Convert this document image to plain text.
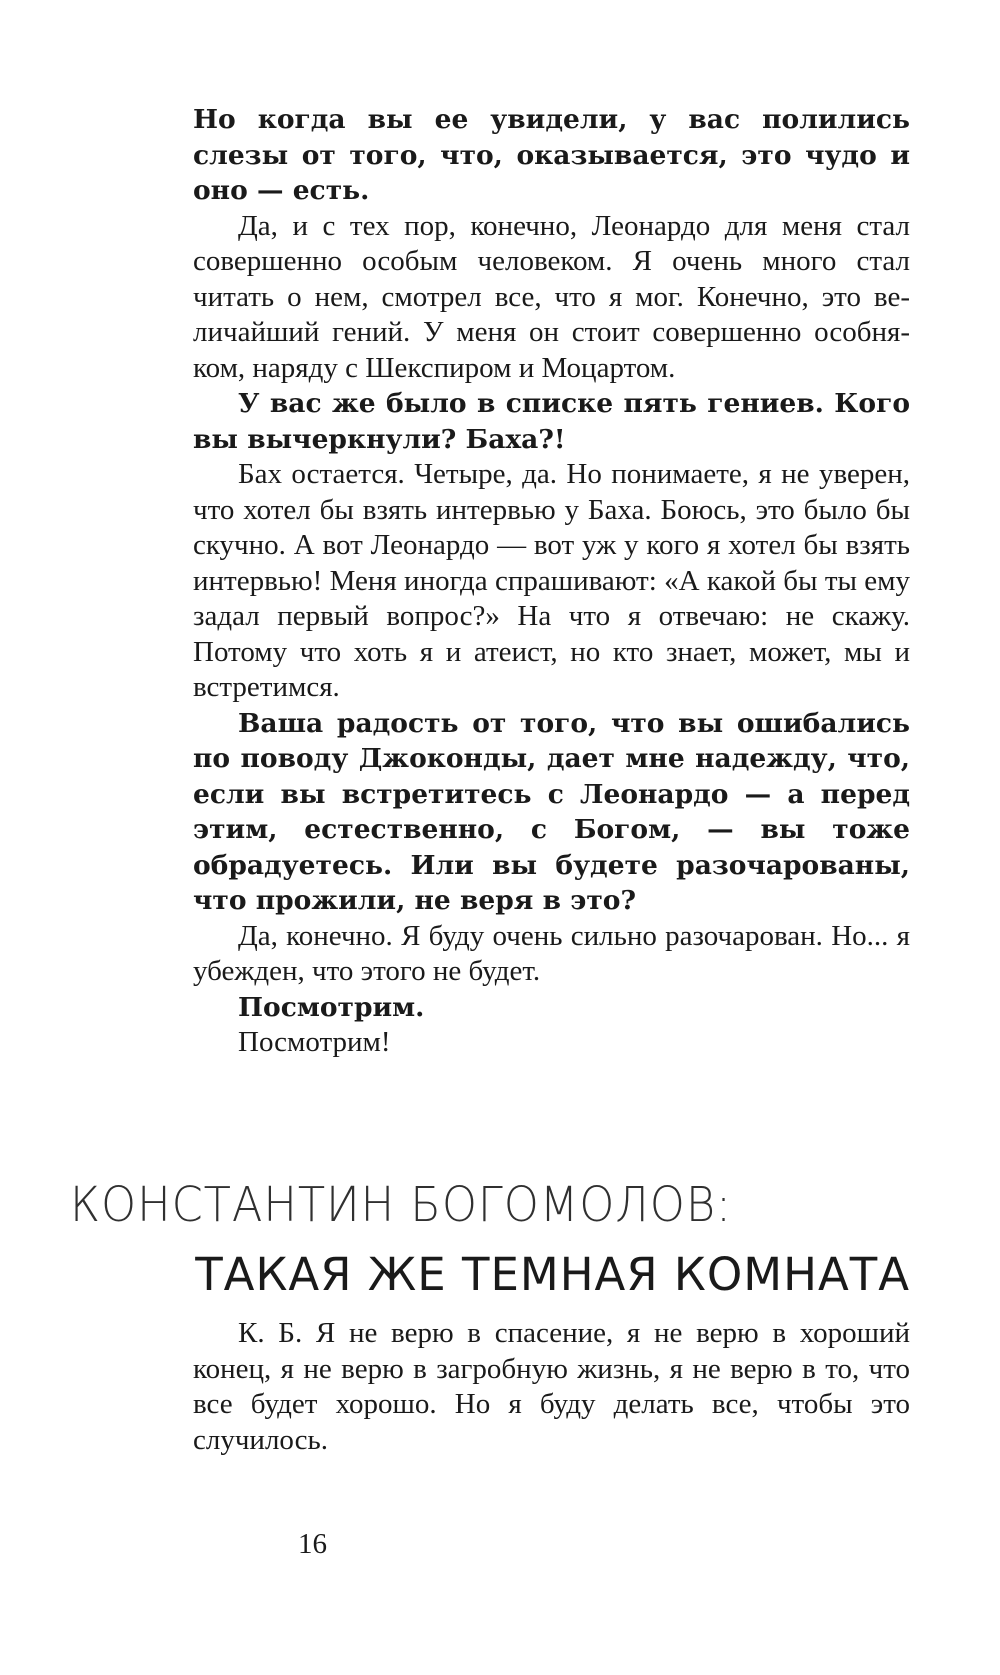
Но когда вы ее увидели, у вас полились слезы от того, что, оказывается, это чудо и оно — есть.

Да, и с тех пор, конечно, Леонардо для меня стал совершенно особым человеком. Я очень много стал читать о нем, смотрел все, что я мог. Конечно, это величайший гений. У меня он стоит совершенно особняком, наряду с Шекспиром и Моцартом.

У вас же было в списке пять гениев. Кого вы вычеркнули? Баха?!

Бах остается. Четыре, да. Но понимаете, я не уверен, что хотел бы взять интервью у Баха. Боюсь, это было бы скучно. А вот Леонардо — вот уж у кого я хотел бы взять интервью! Меня иногда спрашивают: «А какой бы ты ему задал первый вопрос?» На что я отвечаю: не скажу. Потому что хоть я и атеист, но кто знает, может, мы и встретимся.

Ваша радость от того, что вы ошибались по поводу Джоконды, дает мне надежду, что, если вы встретитесь с Леонардо — а перед этим, естественно, с Богом, — вы тоже обрадуетесь. Или вы будете разочарованы, что прожили, не веря в это?

Да, конечно. Я буду очень сильно разочарован. Но... я убежден, что этого не будет.

Посмотрим.

Посмотрим!

КОНСТАНТИН БОГОМОЛОВ:
ТАКАЯ ЖЕ ТЕМНАЯ КОМНАТА

К. Б. Я не верю в спасение, я не верю в хороший конец, я не верю в загробную жизнь, я не верю в то, что все будет хорошо. Но я буду делать все, чтобы это случилось.

16
